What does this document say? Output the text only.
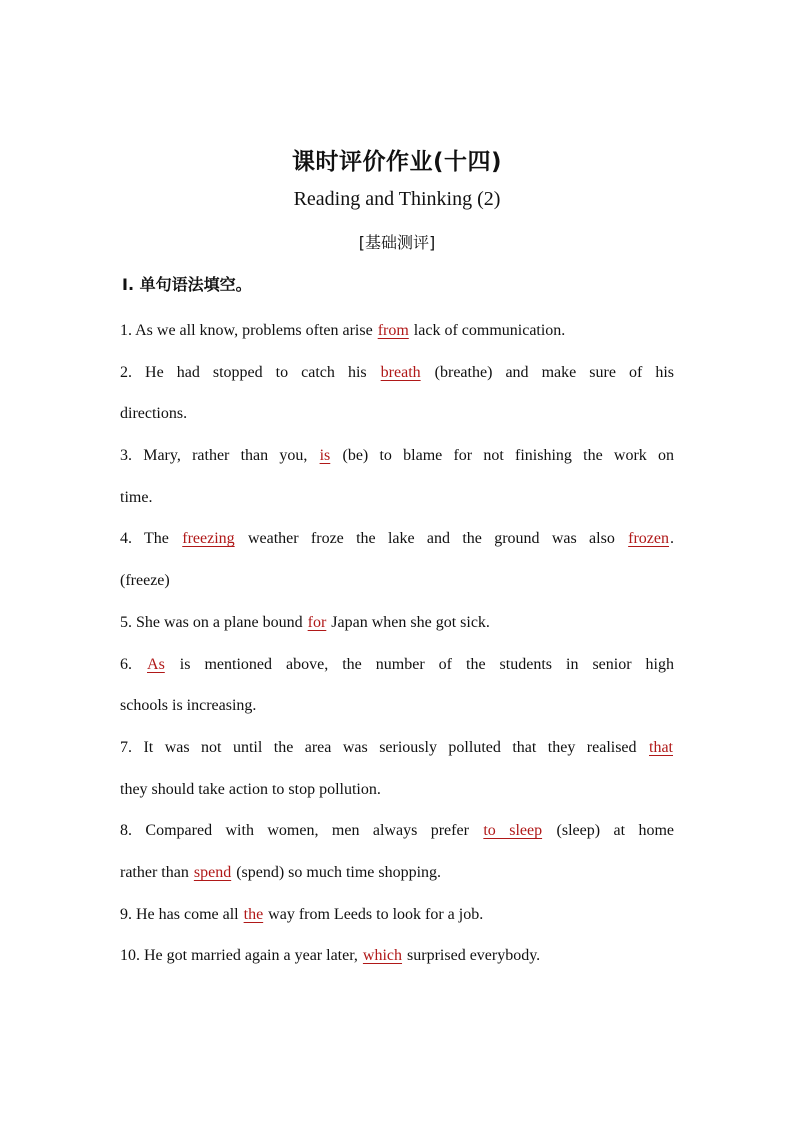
课时评价作业(十四)
Reading and Thinking (2)
[基础测评]
Ⅰ. 单句语法填空。
1. As we all know, problems often arise from lack of communication.
2. He had stopped to catch his breath (breathe) and make sure of his
directions.
3. Mary, rather than you, is (be) to blame for not finishing the work on
time.
4. The freezing weather froze the lake and the ground was also frozen.
(freeze)
5. She was on a plane bound for Japan when she got sick.
6. As is mentioned above, the number of the students in senior high
schools is increasing.
7. It was not until the area was seriously polluted that they realised that
they should take action to stop pollution.
8. Compared with women, men always prefer to sleep (sleep) at home
rather than spend (spend) so much time shopping.
9. He has come all the way from Leeds to look for a job.
10. He got married again a year later, which surprised everybody.
